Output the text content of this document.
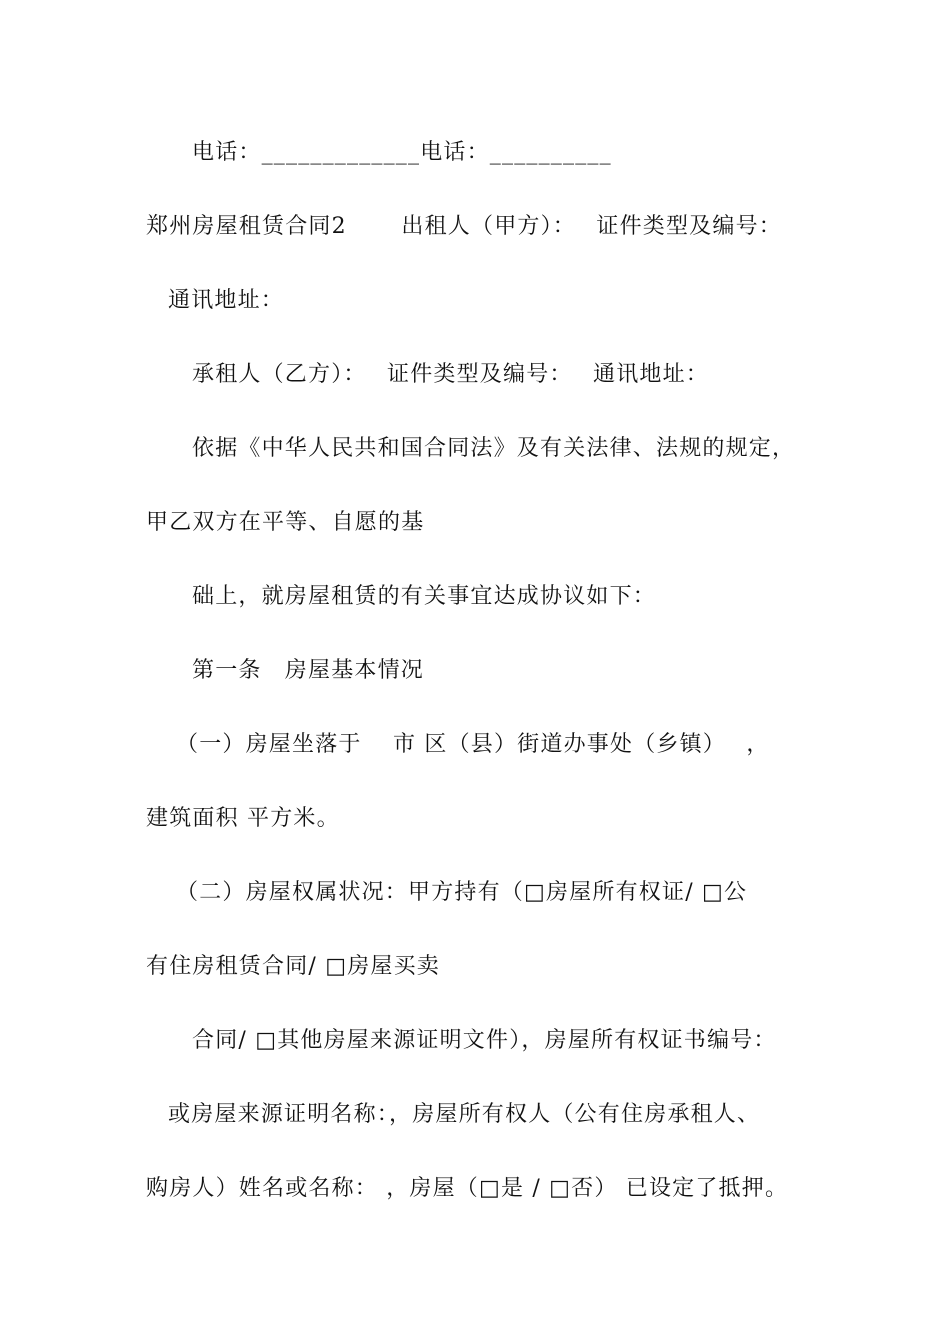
电话：_____________电话：__________
郑州房屋租赁合同2　　 出租人（甲方）：　 证件类型及编号：
通讯地址：
承租人（乙方）：　 证件类型及编号：　 通讯地址：
依据《中华人民共和国合同法》及有关法律、法规的规定，
甲乙双方在平等、自愿的基
础上，就房屋租赁的有关事宜达成协议如下：
第一条　房屋基本情况
（一）房屋坐落于　 市 区（县）街道办事处（乡镇）　 ，
建筑面积 平方米。
（二）房屋权属状况：甲方持有（□房屋所有权证/ □公
有住房租赁合同/ □房屋买卖
合同/ □其他房屋来源证明文件），房屋所有权证书编号：
或房屋来源证明名称：，房屋所有权人（公有住房承租人、
购房人）姓名或名称： ，房屋（□是 / □否） 已设定了抵押。
